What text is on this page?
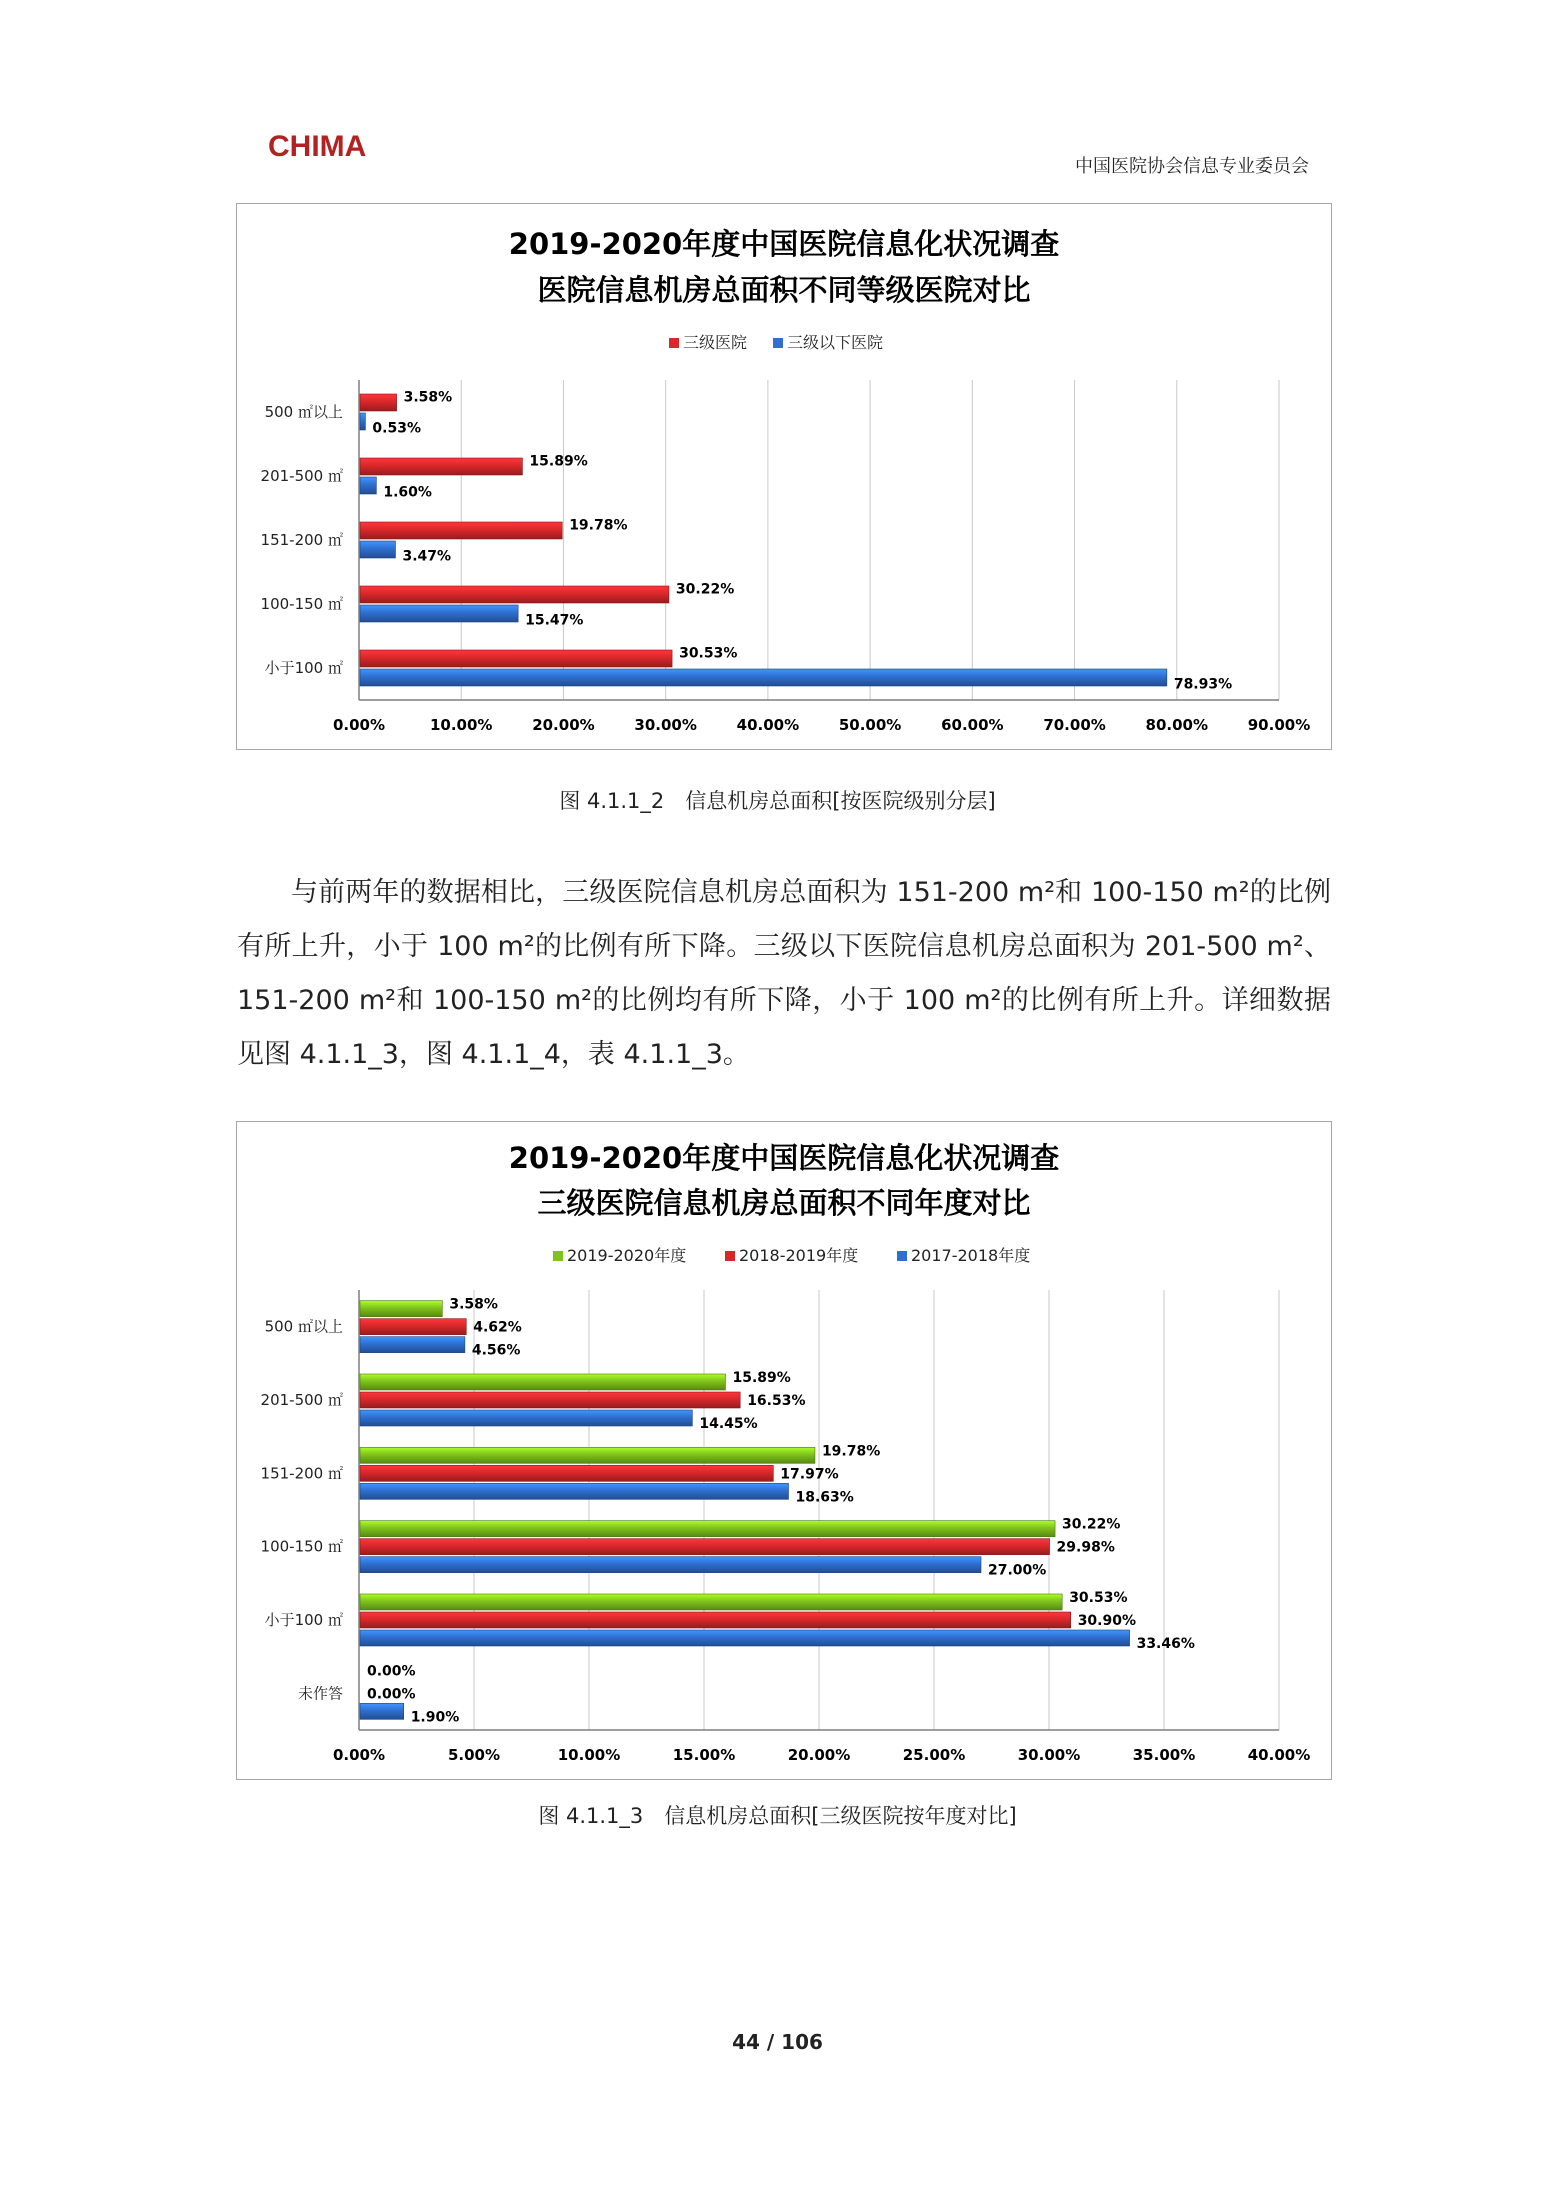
CHIMA
中国医院协会信息专业委员会
2019-2020年度中国医院信息化状况调查
医院信息机房总面积不同等级医院对比
三级医院 三级以下医院
0.00%	10.00%	20.00%	30.00%	40.00%	50.00%	60.00%	70.00%	80.00%	90.00%
500 ㎡以上
3.58%
0.53%
201-500 ㎡
15.89%
1.60%
151-200 ㎡
19.78%
3.47%
100-150 ㎡
30.22%
15.47%
小于100 ㎡
30.53%
78.93%
图 4.1.1_2　信息机房总面积[按医院级别分层]

与前两年的数据相比，三级医院信息机房总面积为 151-200 m²和 100-150 m²的比例有所上升，小于 100 m²的比例有所下降。三级以下医院信息机房总面积为 201-500 m²、151-200 m²和 100-150 m²的比例均有所下降，小于 100 m²的比例有所上升。详细数据见图 4.1.1_3，图 4.1.1_4，表 4.1.1_3。

2019-2020年度中国医院信息化状况调查
三级医院信息机房总面积不同年度对比
2019-2020年度	2018-2019年度	2017-2018年度
0.00%	5.00%	10.00%	15.00%	20.00%	25.00%	30.00%	35.00%	40.00%
500 ㎡以上
3.58%
4.62%
4.56%
201-500 ㎡
15.89%
16.53%
14.45%
151-200 ㎡
19.78%
17.97%
18.63%
100-150 ㎡
30.22%
29.98%
27.00%
小于100 ㎡
30.53%
30.90%
33.46%
未作答
0.00%
0.00%
1.90%
图 4.1.1_3　信息机房总面积[三级医院按年度对比]
44 / 106
